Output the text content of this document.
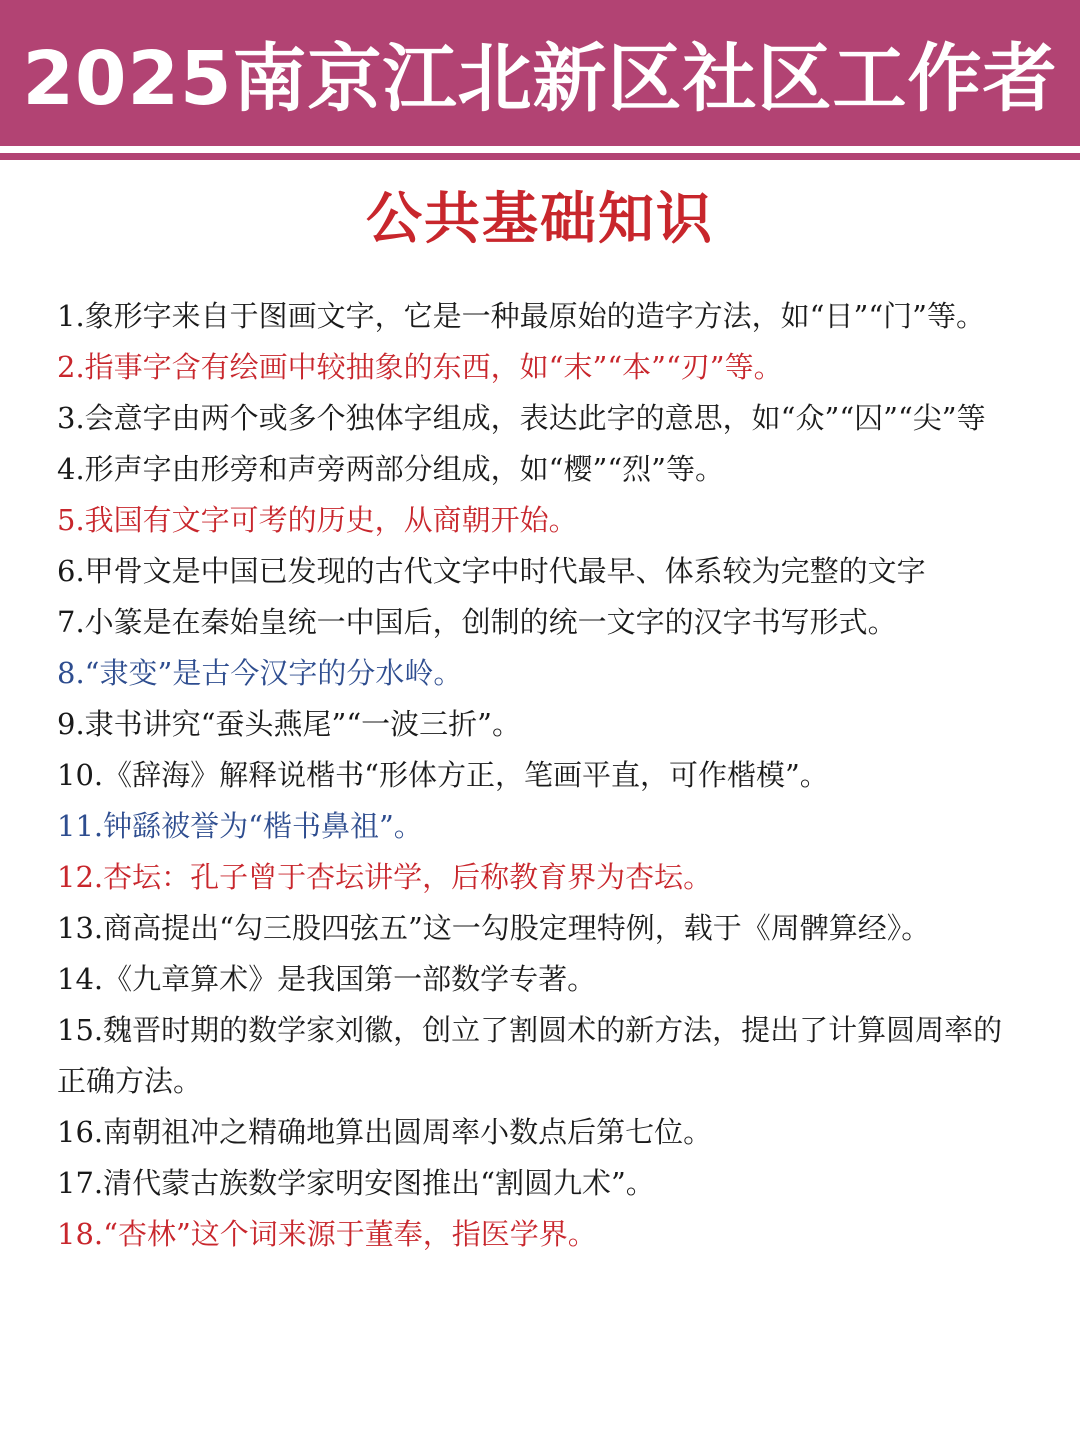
2025南京江北新区社区工作者
公共基础知识
1.象形字来自于图画文字，它是一种最原始的造字方法，如“日”“门”等。
2.指事字含有绘画中较抽象的东西，如“末”“本”“刃”等。
3.会意字由两个或多个独体字组成，表达此字的意思，如“众”“囚”“尖”等
4.形声字由形旁和声旁两部分组成，如“樱”“烈”等。
5.我国有文字可考的历史，从商朝开始。
6.甲骨文是中国已发现的古代文字中时代最早、体系较为完整的文字
7.小篆是在秦始皇统一中国后，创制的统一文字的汉字书写形式。
8.“隶变”是古今汉字的分水岭。
9.隶书讲究“蚕头燕尾”“一波三折”。
10.《辞海》解释说楷书“形体方正，笔画平直，可作楷模”。
11.钟繇被誉为“楷书鼻祖”。
12.杏坛：孔子曾于杏坛讲学，后称教育界为杏坛。
13.商高提出“勾三股四弦五”这一勾股定理特例，载于《周髀算经》。
14.《九章算术》是我国第一部数学专著。
15.魏晋时期的数学家刘徽，创立了割圆术的新方法，提出了计算圆周率的正确方法。
16.南朝祖冲之精确地算出圆周率小数点后第七位。
17.清代蒙古族数学家明安图推出“割圆九术”。
18.“杏林”这个词来源于董奉，指医学界。
